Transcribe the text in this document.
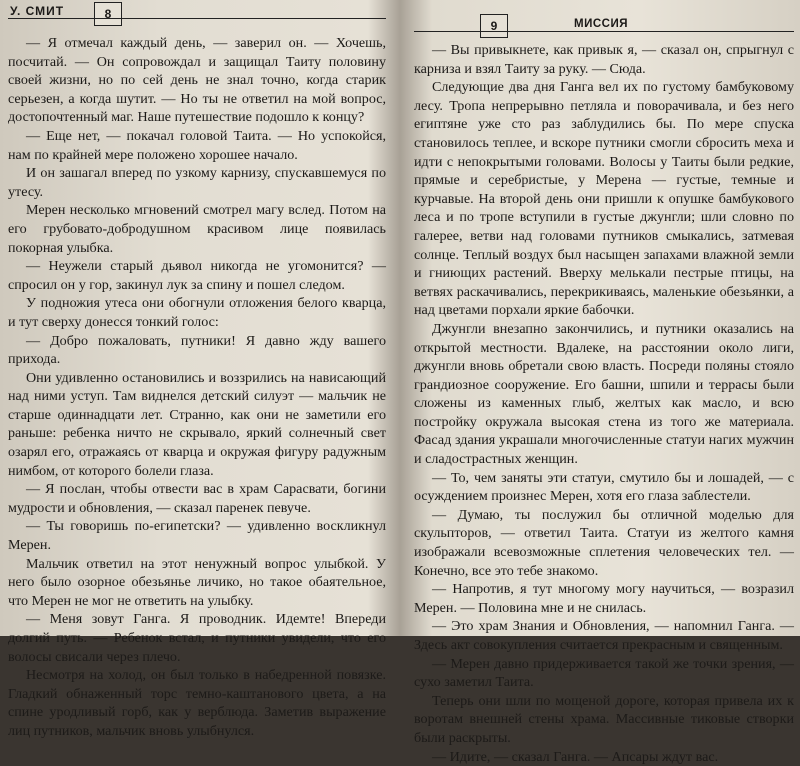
У. СМИТ	8

— Я отмечал каждый день, — заверил он. — Хочешь, посчитай. — Он сопровождал и защищал Таиту половину своей жизни, но по сей день не знал точно, когда старик серьезен, а когда шутит. — Но ты не ответил на мой вопрос, достопочтенный маг. Наше путешествие подошло к концу?

— Еще нет, — покачал головой Таита. — Но успокойся, нам по крайней мере положено хорошее начало.

И он зашагал вперед по узкому карнизу, спускавшемуся по утесу.

Мерен несколько мгновений смотрел магу вслед. Потом на его грубовато-добродушном красивом лице появилась покорная улыбка.

— Неужели старый дьявол никогда не угомонится? — спросил он у гор, закинул лук за спину и пошел следом.

У подножия утеса они обогнули отложения белого кварца, и тут сверху донесся тонкий голос:

— Добро пожаловать, путники! Я давно жду вашего прихода.

Они удивленно остановились и воззрились на нависающий над ними уступ. Там виднелся детский силуэт — мальчик не старше одиннадцати лет. Странно, как они не заметили его раньше: ребенка ничто не скрывало, яркий солнечный свет озарял его, отражаясь от кварца и окружая фигуру радужным нимбом, от которого болели глаза.

— Я послан, чтобы отвести вас в храм Сарасвати, богини мудрости и обновления, — сказал паренек певуче.

— Ты говоришь по-египетски? — удивленно воскликнул Мерен.

Мальчик ответил на этот ненужный вопрос улыбкой. У него было озорное обезьянье личико, но такое обаятельное, что Мерен не мог не ответить на улыбку.

— Меня зовут Ганга. Я проводник. Идемте! Впереди долгий путь. — Ребенок встал, и путники увидели, что его волосы свисали через плечо.

Несмотря на холод, он был только в набедренной повязке. Гладкий обнаженный торс темно-каштанового цвета, а на спине уродливый горб, как у верблюда. Заметив выражение лиц путников, мальчик вновь улыбнулся.

9	МИССИЯ

— Вы привыкнете, как привык я, — сказал он, спрыгнул с карниза и взял Таиту за руку. — Сюда.

Следующие два дня Ганга вел их по густому бамбуковому лесу. Тропа непрерывно петляла и поворачивала, и без него египтяне уже сто раз заблудились бы. По мере спуска становилось теплее, и вскоре путники смогли сбросить меха и идти с непокрытыми головами. Волосы у Таиты были редкие, прямые и серебристые, у Мерена — густые, темные и курчавые. На второй день они пришли к опушке бамбукового леса и по тропе вступили в густые джунгли; шли словно по галерее, ветви над головами путников смыкались, затмевая солнце. Теплый воздух был насыщен запахами влажной земли и гниющих растений. Вверху мелькали пестрые птицы, на ветвях раскачивались, перекрикиваясь, маленькие обезьянки, а над цветами порхали яркие бабочки.

Джунгли внезапно закончились, и путники оказались на открытой местности. Вдалеке, на расстоянии около лиги, джунгли вновь обретали свою власть. Посреди поляны стояло грандиозное сооружение. Его башни, шпили и террасы были сложены из каменных глыб, желтых как масло, и всю постройку окружала высокая стена из того же материала. Фасад здания украшали многочисленные статуи нагих мужчин и сладострастных женщин.

— То, чем заняты эти статуи, смутило бы и лошадей, — с осуждением произнес Мерен, хотя его глаза заблестели.

— Думаю, ты послужил бы отличной моделью для скульпторов, — ответил Таита. Статуи из желтого камня изображали всевозможные сплетения человеческих тел. — Конечно, все это тебе знакомо.

— Напротив, я тут многому могу научиться, — возразил Мерен. — Половина мне и не снилась.

— Это храм Знания и Обновления, — напомнил Ганга. — Здесь акт совокупления считается прекрасным и священным.

— Мерен давно придерживается такой же точки зрения, — сухо заметил Таита.

Теперь они шли по мощеной дороге, которая привела их к воротам внешней стены храма. Массивные тиковые створки были раскрыты.

— Идите, — сказал Ганга. — Апсары ждут вас.
